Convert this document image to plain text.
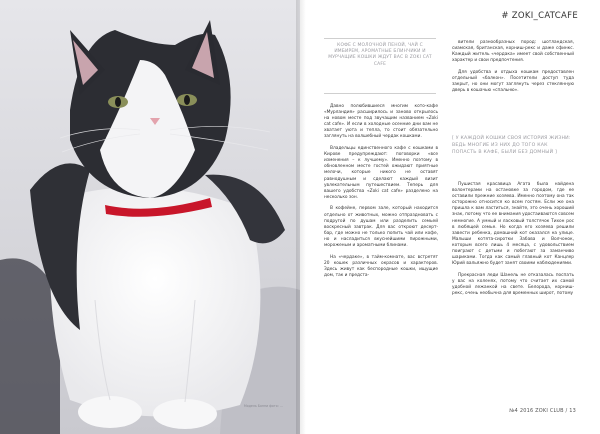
Модель Бонни фото: ...
# ZOKI_CATCAFE
КОФЕ С МОЛОЧНОЙ ПЕНОЙ, ЧАЙ С ИМБИРЕМ, АРОМАТНЫЕ БЛИНЧИКИ И МУРЧАЩИЕ КОШКИ ЖДУТ ВАС В ZOKI CAT CAFE

Давно полюбившиеся многим кото-кафе «Мурландия» расширилось и заново открылось на новом месте под звучащим названием «Zoki cat cafe». И если в холодные осенние дни вам не хватает уюта и тепла, то стоит обязательно заглянуть на волшебный чердак кошками.

Владельцы единственного кафе с кошками в Кирове предупреждают: поговорки «все изменения – к лучшему». Именно поэтому в обновленном месте гостей ожидают приятные мелочи, которые никого не оставят равнодушным и сделают каждый визит увлекательным путешествием. Теперь для вашего удобства «Zoki cat cafe» разделено на несколько зон.

В кофейне, первом зале, который находится отдельно от животных, можно отпраздновать с подругой по душам или разделить семьей воскресный завтрак. Для вас откроют десерт-бар, где можно не только попить чай или кофе, но и насладиться вкуснейшими пирожными, мороженым и ароматными блинами.

На «чердаке», в тайм-комнате, вас встретят 20 кошек различных окрасов и характеров. Здесь живут как беспородные кошки, ищущие дом, так и предста-

вители разнообразных пород: шотландская, сиамская, британская, корниш-рекс и даже сфинкс. Каждый житель «чердака» имеет свой собственный характер и свои предпочтения.

Для удобства и отдыха кошкам предоставлен отдельный «балкон». Посетители доступ туда закрыт, но они могут заглянуть через стеклянную дверь в кошачью «спальню».

[ У КАЖДОЙ КОШКИ СВОЯ ИСТОРИЯ ЖИЗНИ: ВЕДЬ МНОГИЕ ИЗ НИХ ДО ТОГО КАК ПОПАСТЬ В КАФЕ, БЫЛИ БЕЗ ДОМНЫЙ ]

Пушистая красавица Агата была найдена волонтерами на остановке за городом, где ее оставили прежние хозяева. Именно поэтому она так осторожно относится ко всем гостям. Если же она пришла к вам ластиться, знайте, это очень хороший знак, потому что ее внимания удостаиваются совсем немногие. А умный и ласковый толстячок Тихон рос в любящей семье. Но когда его хозяева решили завести ребенка, домашний кот оказался на улице. Малыши котята-сиротки Забава и Волчонок, которым всего лишь 4 месяца, с удовольствием поиграют с детьми и побегают за заманчиво шариками. Тогда как самый главный кот Канцлер Юрий вальяжно будет занят своими наблюдениями.

Прекрасная леди Шанель не отказалась поспать у вас на коленях, потому что считает их самой удобной лежанкой на свете. Белорода, корниш-рекс, очень необычна для временных широт, потому

№4 2016 ZOKI CLUB / 13
